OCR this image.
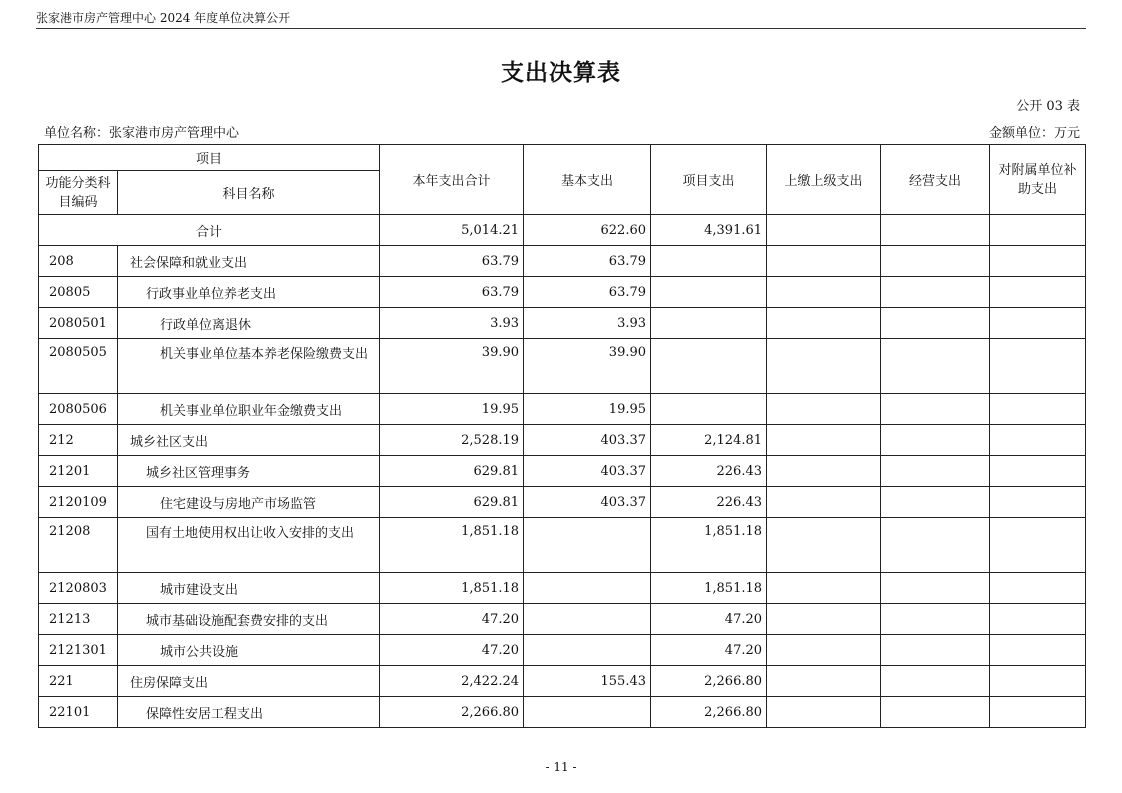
张家港市房产管理中心 2024 年度单位决算公开
支出决算表
公开 03 表
单位名称：张家港市房产管理中心	金额单位：万元
项目		本年支出合计	基本支出	项目支出	上缴上级支出	经营支出	对附属单位补助支出
功能分类科目编码	科目名称						
合计		5,014.21	622.60	4,391.61			
208	社会保障和就业支出	63.79	63.79				
20805	行政事业单位养老支出	63.79	63.79				
2080501	行政单位离退休	3.93	3.93				
2080505	机关事业单位基本养老保险缴费支出	39.90	39.90				
2080506	机关事业单位职业年金缴费支出	19.95	19.95				
212	城乡社区支出	2,528.19	403.37	2,124.81			
21201	城乡社区管理事务	629.81	403.37	226.43			
2120109	住宅建设与房地产市场监管	629.81	403.37	226.43			
21208	国有土地使用权出让收入安排的支出	1,851.18		1,851.18			
2120803	城市建设支出	1,851.18		1,851.18			
21213	城市基础设施配套费安排的支出	47.20		47.20			
2121301	城市公共设施	47.20		47.20			
221	住房保障支出	2,422.24	155.43	2,266.80			
22101	保障性安居工程支出	2,266.80		2,266.80			
- 11 -
